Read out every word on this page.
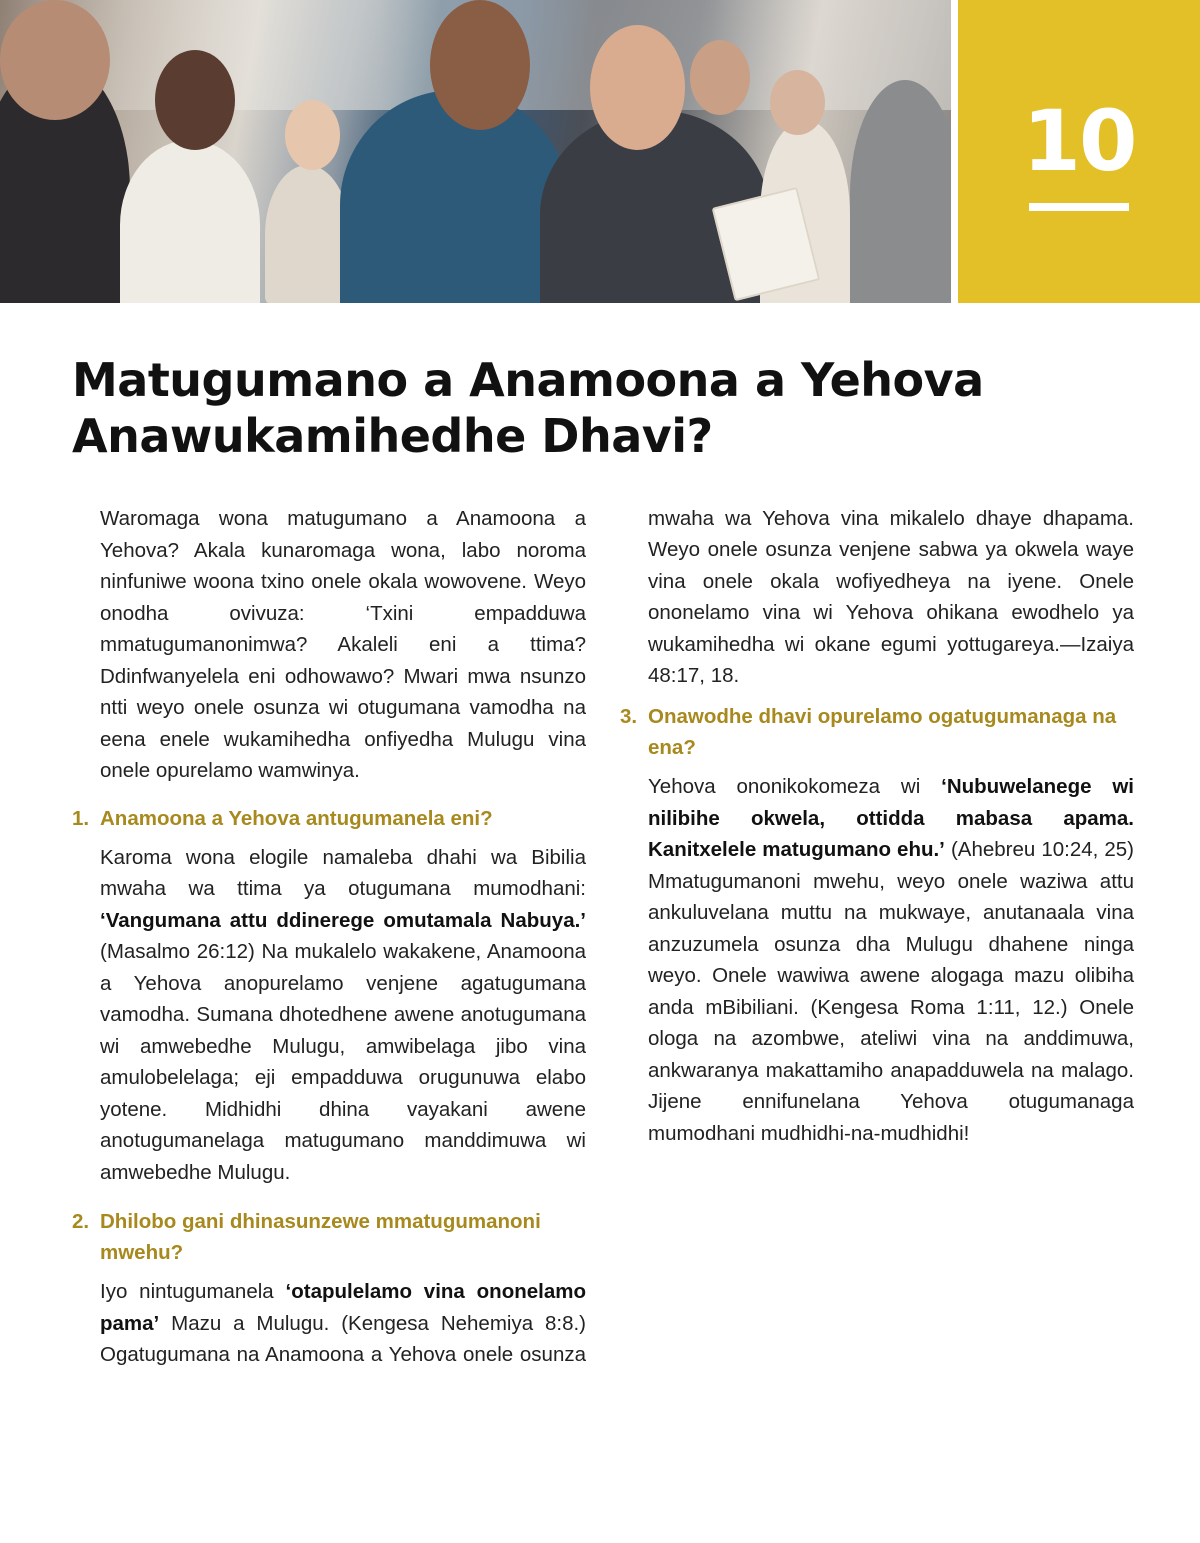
10
Matugumano a Anamoona a Yehova Anawukamihedhe Dhavi?

Waromaga wona matugumano a Anamoona a Yehova? Akala kunaromaga wona, labo noroma ninfuniwe woona txino onele okala wowovene. Weyo onodha ovivuza: ‘Txini empadduwa mmatugumanonimwa? Akaleli eni a ttima? Ddinfwanyelela eni odhowawo? Mwari mwa nsunzo ntti weyo onele osunza wi otugumana vamodha na eena enele wukamihedha onfiyedha Mulugu vina onele opurelamo wamwinya.

1. Anamoona a Yehova antugumanela eni?

Karoma wona elogile namaleba dhahi wa Bibilia mwaha wa ttima ya otugumana mumodhani: ‘Vangumana attu ddinerege omutamala Nabuya.’ (Masalmo 26:12) Na mukalelo wakakene, Anamoona a Yehova anopurelamo venjene agatugumana vamodha. Sumana dhotedhene awene anotugumana wi amwebedhe Mulugu, amwibelaga jibo vina amulobelelaga; eji empadduwa orugunuwa elabo yotene. Midhidhi dhina vayakani awene anotugumanelaga matugumano manddimuwa wi amwebedhe Mulugu.

2. Dhilobo gani dhinasunzewe mmatugumanoni mwehu?

Iyo nintugumanela ‘otapulelamo vina ononelamo pama’ Mazu a Mulugu. (Kengesa Nehemiya 8:8.) Ogatugumana na Anamoona a Yehova onele osunza

mwaha wa Yehova vina mikalelo dhaye dhapama. Weyo onele osunza venjene sabwa ya okwela waye vina onele okala wofiyedheya na iyene. Onele ononelamo vina wi Yehova ohikana ewodhelo ya wukamihedha wi okane egumi yottugareya.—Izaiya 48:17, 18.

3. Onawodhe dhavi opurelamo ogatugumanaga na ena?

Yehova ononikokomeza wi ‘Nubuwelanege wi nilibihe okwela, ottidda mabasa apama. Kanitxelele matugumano ehu.’ (Ahebreu 10:24, 25) Mmatugumanoni mwehu, weyo onele waziwa attu ankuluvelana muttu na mukwaye, anutanaala vina anzuzumela osunza dha Mulugu dhahene ninga weyo. Onele wawiwa awene alogaga mazu olibiha anda mBibiliani. (Kengesa Roma 1:11, 12.) Onele ologa na azombwe, ateliwi vina na anddimuwa, ankwaranya makattamiho anapadduwela na malago. Jijene ennifunelana Yehova otugumanaga mumodhani mudhidhi-na-mudhidhi!
